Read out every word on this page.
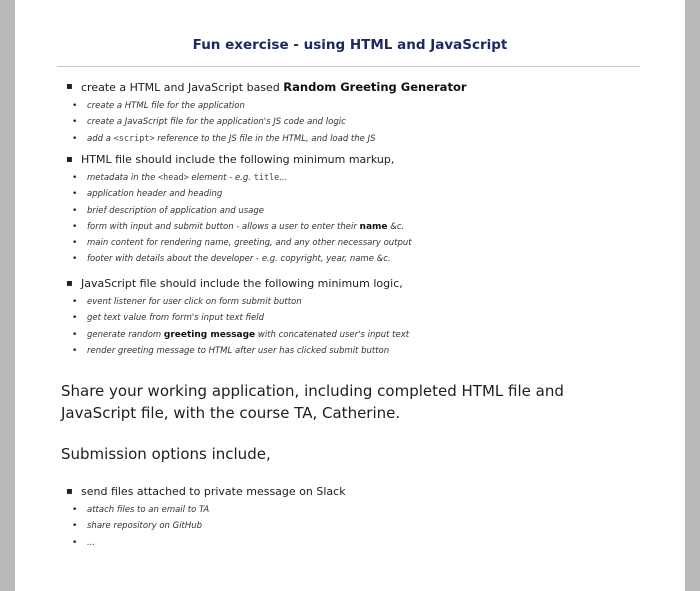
Fun exercise - using HTML and JavaScript
▪ create a HTML and JavaScript based Random Greeting Generator
• create a HTML file for the application
• create a JavaScript file for the application's JS code and logic
• add a <script> reference to the JS file in the HTML, and load the JS
▪ HTML file should include the following minimum markup,
• metadata in the <head> element - e.g. title...
• application header and heading
• brief description of application and usage
• form with input and submit button - allows a user to enter their name &c.
• main content for rendering name, greeting, and any other necessary output
• footer with details about the developer - e.g. copyright, year, name &c.
▪ JavaScript file should include the following minimum logic,
• event listener for user click on form submit button
• get text value from form's input text field
• generate random greeting message with concatenated user's input text
• render greeting message to HTML after user has clicked submit button

Share your working application, including completed HTML file and JavaScript file, with the course TA, Catherine.

Submission options include,

▪ send files attached to private message on Slack
• attach files to an email to TA
• share repository on GitHub
• ...
